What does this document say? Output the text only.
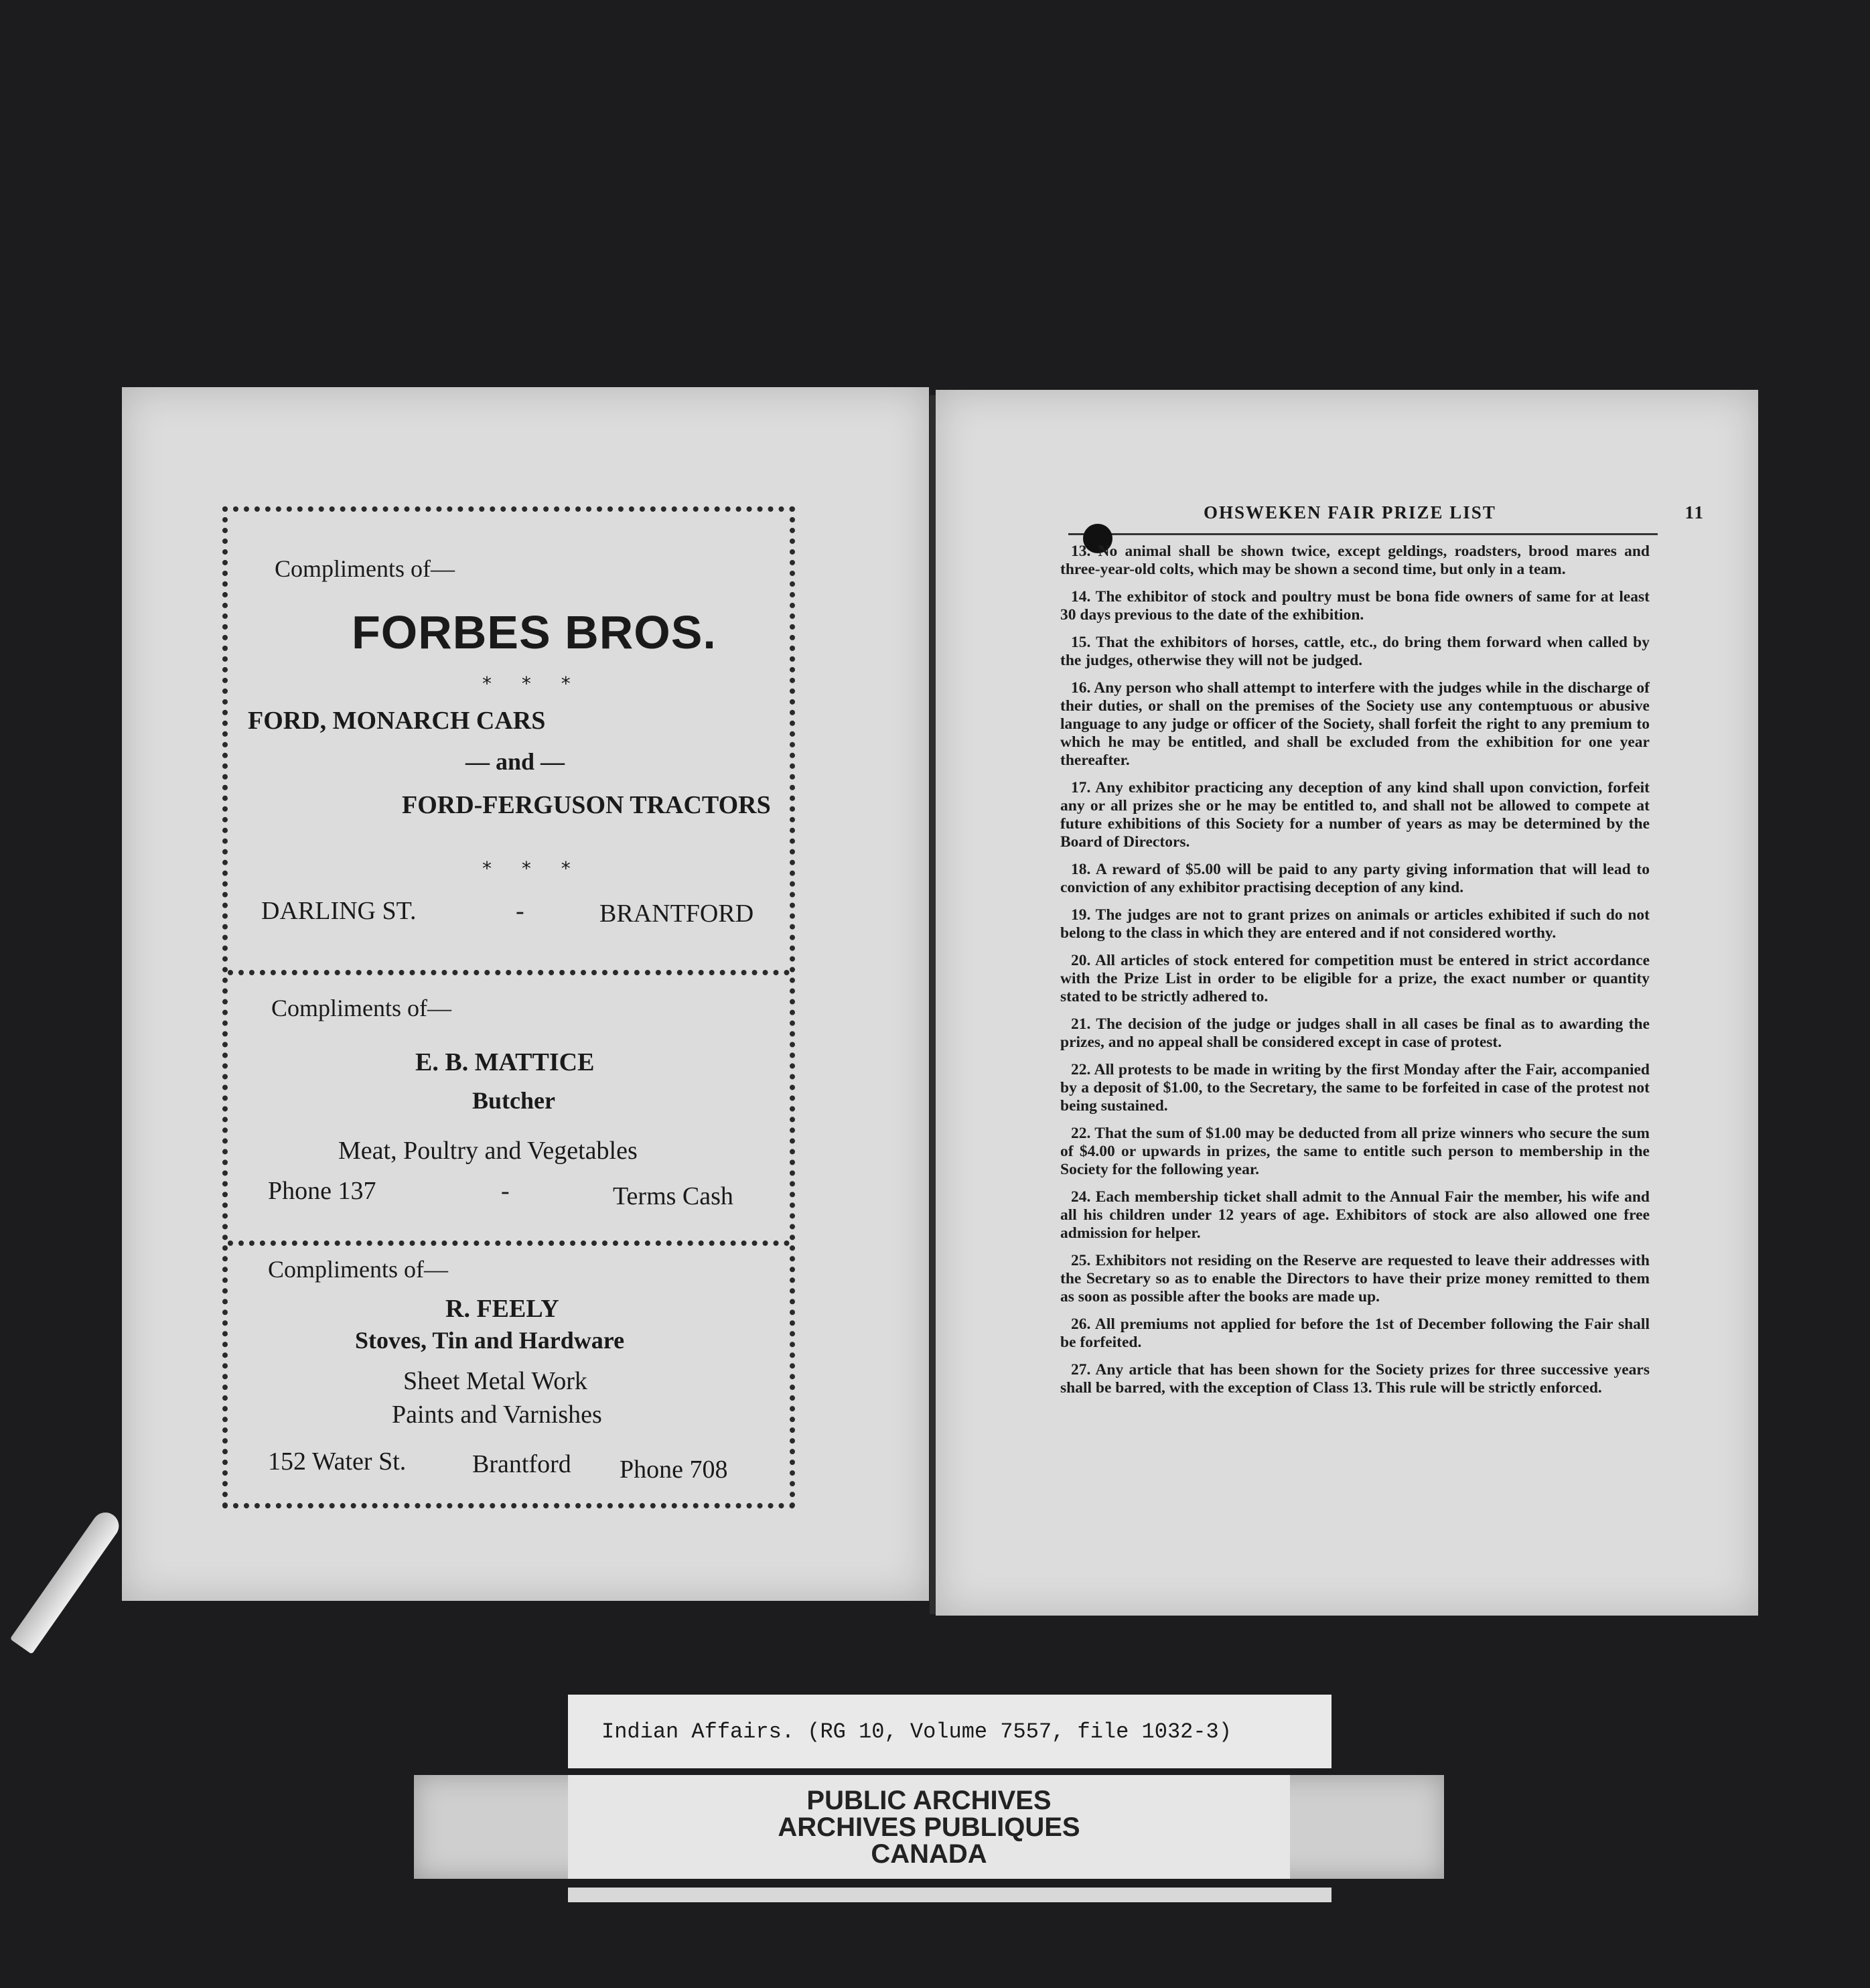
Compliments of—
FORBES BROS.
* * *
FORD, MONARCH CARS
— and —
FORD-FERGUSON TRACTORS
* * *
DARLING ST.	-	BRANTFORD
Compliments of—
E. B. MATTICE
Butcher
Meat, Poultry and Vegetables
Phone 137	-	Terms Cash
Compliments of—
R. FEELY
Stoves, Tin and Hardware
Sheet Metal Work
Paints and Varnishes
152 Water St.	Brantford Phone 708
OHSWEKEN FAIR PRIZE LIST	11

13. No animal shall be shown twice, except geldings, roadsters, brood mares and three-year-old colts, which may be shown a second time, but only in a team.

14. The exhibitor of stock and poultry must be bona fide owners of same for at least 30 days previous to the date of the exhibition.

15. That the exhibitors of horses, cattle, etc., do bring them forward when called by the judges, otherwise they will not be judged.

16. Any person who shall attempt to interfere with the judges while in the discharge of their duties, or shall on the premises of the Society use any contemptuous or abusive language to any judge or officer of the Society, shall forfeit the right to any premium to which he may be entitled, and shall be excluded from the exhibition for one year thereafter.

17. Any exhibitor practicing any deception of any kind shall upon conviction, forfeit any or all prizes she or he may be entitled to, and shall not be allowed to compete at future exhibitions of this Society for a number of years as may be determined by the Board of Directors.

18. A reward of $5.00 will be paid to any party giving information that will lead to conviction of any exhibitor practising deception of any kind.

19. The judges are not to grant prizes on animals or articles exhibited if such do not belong to the class in which they are entered and if not considered worthy.

20. All articles of stock entered for competition must be entered in strict accordance with the Prize List in order to be eligible for a prize, the exact number or quantity stated to be strictly adhered to.

21. The decision of the judge or judges shall in all cases be final as to awarding the prizes, and no appeal shall be considered except in case of protest.

22. All protests to be made in writing by the first Monday after the Fair, accompanied by a deposit of $1.00, to the Secretary, the same to be forfeited in case of the protest not being sustained.

22. That the sum of $1.00 may be deducted from all prize winners who secure the sum of $4.00 or upwards in prizes, the same to entitle such person to membership in the Society for the following year.

24. Each membership ticket shall admit to the Annual Fair the member, his wife and all his children under 12 years of age. Exhibitors of stock are also allowed one free admission for helper.

25. Exhibitors not residing on the Reserve are requested to leave their addresses with the Secretary so as to enable the Directors to have their prize money remitted to them as soon as possible after the books are made up.

26. All premiums not applied for before the 1st of December following the Fair shall be forfeited.

27. Any article that has been shown for the Society prizes for three successive years shall be barred, with the exception of Class 13. This rule will be strictly enforced.

Indian Affairs. (RG 10, Volume 7557, file 1032-3)
PUBLIC ARCHIVES
ARCHIVES PUBLIQUES
CANADA
